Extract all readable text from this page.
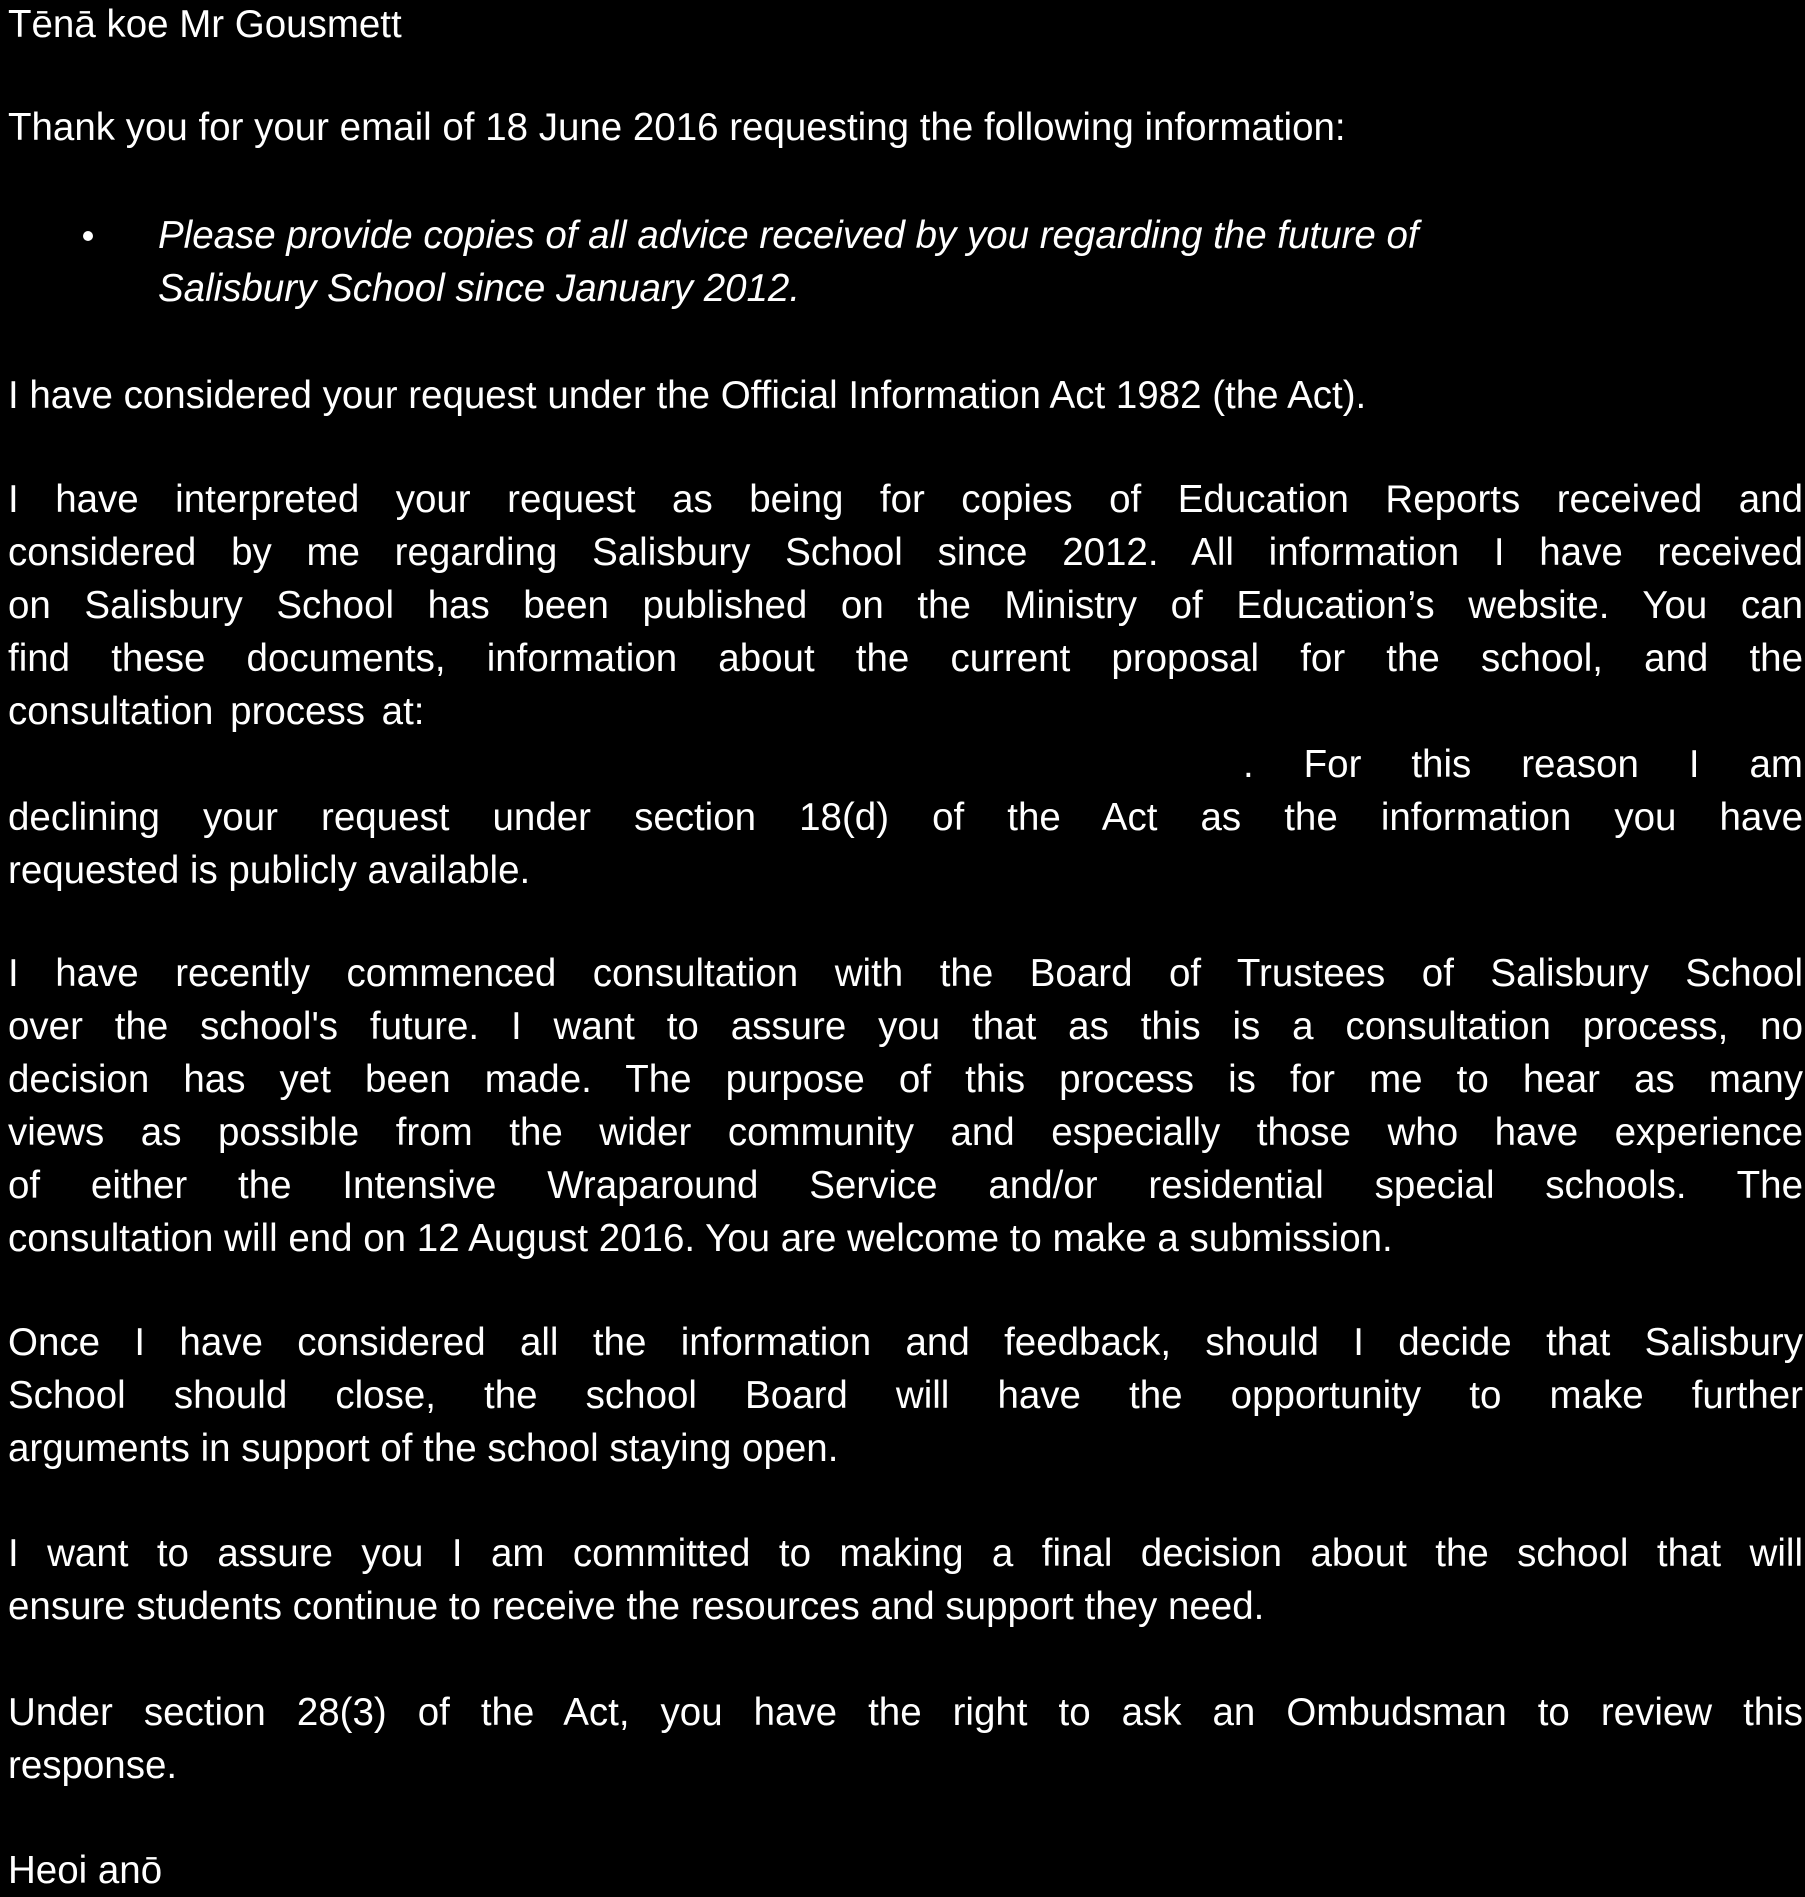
Tēnā koe Mr Gousmett
Thank you for your email of 18 June 2016 requesting the following information:
Please provide copies of all advice received by you regarding the future of
Salisbury School since January 2012.
I have considered your request under the Official Information Act 1982 (the Act).
I have interpreted your request as being for copies of Education Reports received and
considered by me regarding Salisbury School since 2012. All information I have received
on Salisbury School has been published on the Ministry of Education’s website. You can
find these documents, information about the current proposal for the school, and the
consultation process at:
. For this reason I am
declining your request under section 18(d) of the Act as the information you have
requested is publicly available.
I have recently commenced consultation with the Board of Trustees of Salisbury School
over the school's future. I want to assure you that as this is a consultation process, no
decision has yet been made. The purpose of this process is for me to hear as many
views as possible from the wider community and especially those who have experience
of either the Intensive Wraparound Service and/or residential special schools. The
consultation will end on 12 August 2016. You are welcome to make a submission.
Once I have considered all the information and feedback, should I decide that Salisbury
School should close, the school Board will have the opportunity to make further
arguments in support of the school staying open.
I want to assure you I am committed to making a final decision about the school that will
ensure students continue to receive the resources and support they need.
Under section 28(3) of the Act, you have the right to ask an Ombudsman to review this
response.
Heoi anō
